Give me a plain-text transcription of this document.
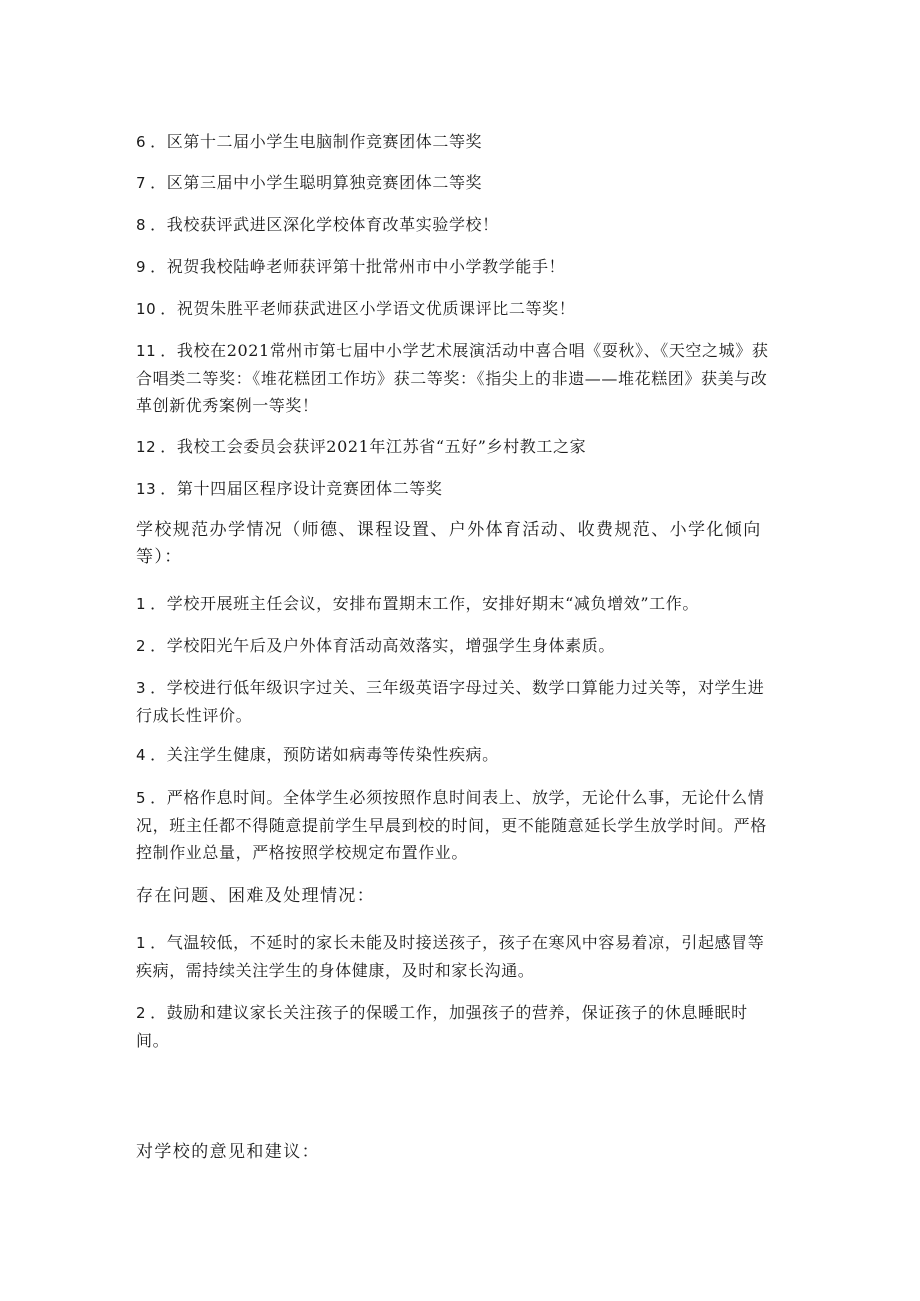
6 ．区第十二届小学生电脑制作竞赛团体二等奖

7 ．区第三届中小学生聪明算独竞赛团体二等奖

8 ．我校获评武进区深化学校体育改革实验学校！

9 ．祝贺我校陆峥老师获评第十批常州市中小学教学能手！

10 ．祝贺朱胜平老师获武进区小学语文优质课评比二等奖！

11 ．我校在2021常州市第七届中小学艺术展演活动中喜合唱《耍秋》、《天空之城》获合唱类二等奖：《堆花糕团工作坊》获二等奖：《指尖上的非遗——堆花糕团》获美与改革创新优秀案例一等奖！

12 ．我校工会委员会获评2021年江苏省“五好”乡村教工之家

13 ．第十四届区程序设计竞赛团体二等奖

学校规范办学情况（师德、课程设置、户外体育活动、收费规范、小学化倾向等）：

1 ．学校开展班主任会议，安排布置期末工作，安排好期末“减负增效”工作。

2 ．学校阳光午后及户外体育活动高效落实，增强学生身体素质。

3 ．学校进行低年级识字过关、三年级英语字母过关、数学口算能力过关等，对学生进行成长性评价。

4 ．关注学生健康，预防诺如病毒等传染性疾病。

5 ．严格作息时间。全体学生必须按照作息时间表上、放学，无论什么事，无论什么情况，班主任都不得随意提前学生早晨到校的时间，更不能随意延长学生放学时间。严格控制作业总量，严格按照学校规定布置作业。

存在问题、困难及处理情况：

1 ．气温较低，不延时的家长未能及时接送孩子，孩子在寒风中容易着凉，引起感冒等疾病，需持续关注学生的身体健康，及时和家长沟通。

2 ．鼓励和建议家长关注孩子的保暖工作，加强孩子的营养，保证孩子的休息睡眠时间。

对学校的意见和建议：
